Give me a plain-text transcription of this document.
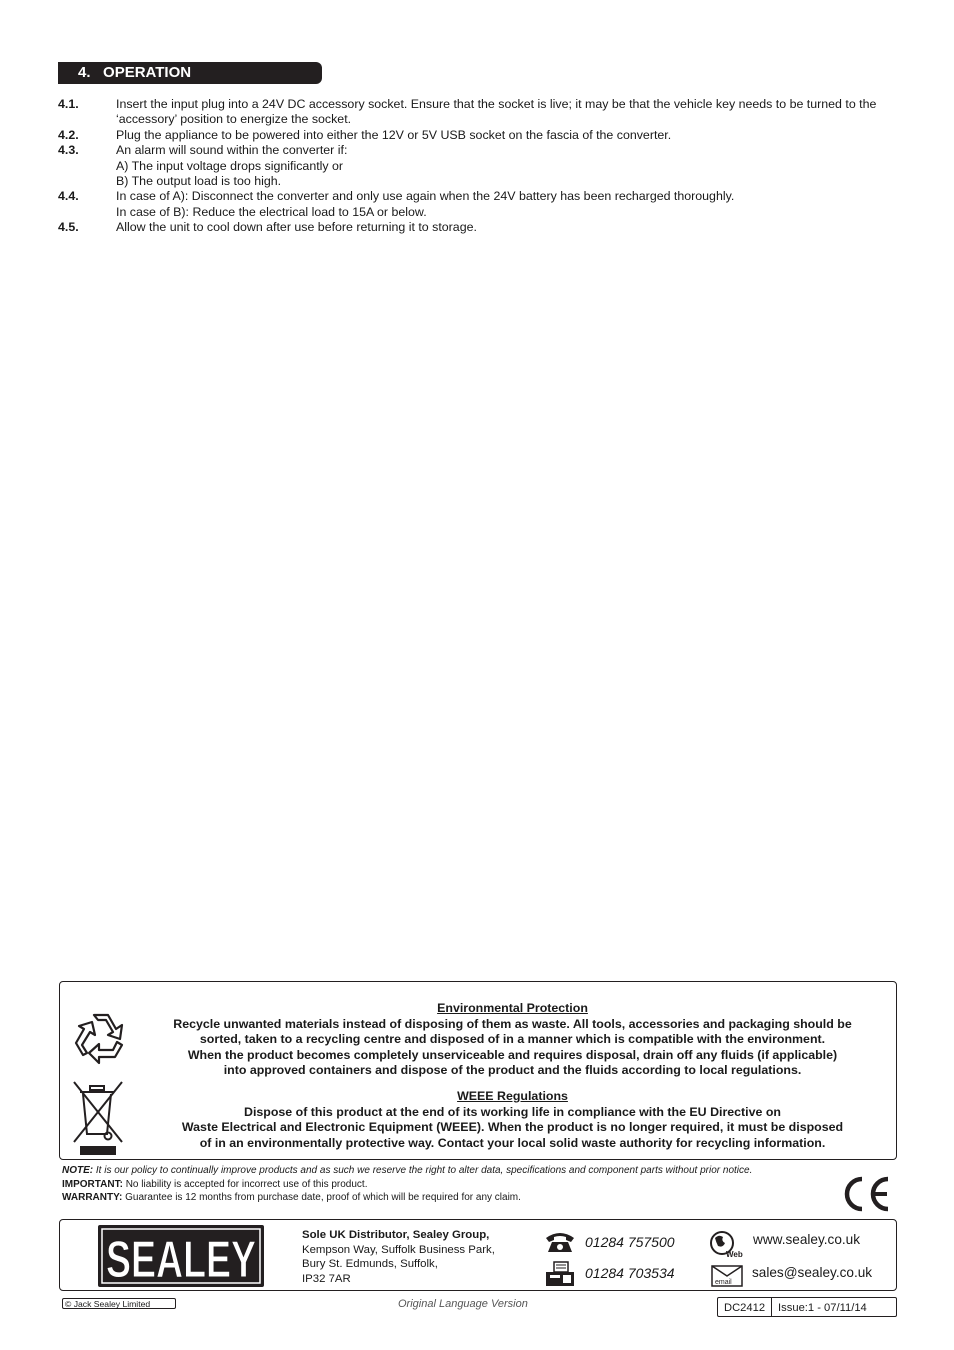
4. OPERATION
4.1.	Insert the input plug into a 24V DC accessory socket. Ensure that the socket is live; it may be that the vehicle key needs to be turned to the ‘accessory’ position to energize the socket.
4.2.	Plug the appliance to be powered into either the 12V or 5V USB socket on the fascia of the converter.
4.3.	An alarm will sound within the converter if:
A) The input voltage drops significantly or
B) The output load is too high.
4.4.	In case of A): Disconnect the converter and only use again when the 24V battery has been recharged thoroughly.
In case of B): Reduce the electrical load to 15A or below.
4.5.	Allow the unit to cool down after use before returning it to storage.
Environmental Protection
Recycle unwanted materials instead of disposing of them as waste. All tools, accessories and packaging should be
sorted, taken to a recycling centre and disposed of in a manner which is compatible with the environment.
When the product becomes completely unserviceable and requires disposal, drain off any fluids (if applicable)
into approved containers and dispose of the product and the fluids according to local regulations.
WEEE Regulations
Dispose of this product at the end of its working life in compliance with the EU Directive on
Waste Electrical and Electronic Equipment (WEEE). When the product is no longer required, it must be disposed
of in an environmentally protective way. Contact your local solid waste authority for recycling information.
NOTE: It is our policy to continually improve products and as such we reserve the right to alter data, specifications and component parts without prior notice.
IMPORTANT: No liability is accepted for incorrect use of this product.
WARRANTY: Guarantee is 12 months from purchase date, proof of which will be required for any claim.
SEALEY	Sole UK Distributor, Sealey Group,
Kempson Way, Suffolk Business Park,
Bury St. Edmunds, Suffolk,
IP32 7AR
01284 757500
01284 703534
Web
www.sealey.co.uk
email
sales@sealey.co.uk
© Jack Sealey Limited	Original Language Version	DC2412	Issue:1 - 07/11/14
